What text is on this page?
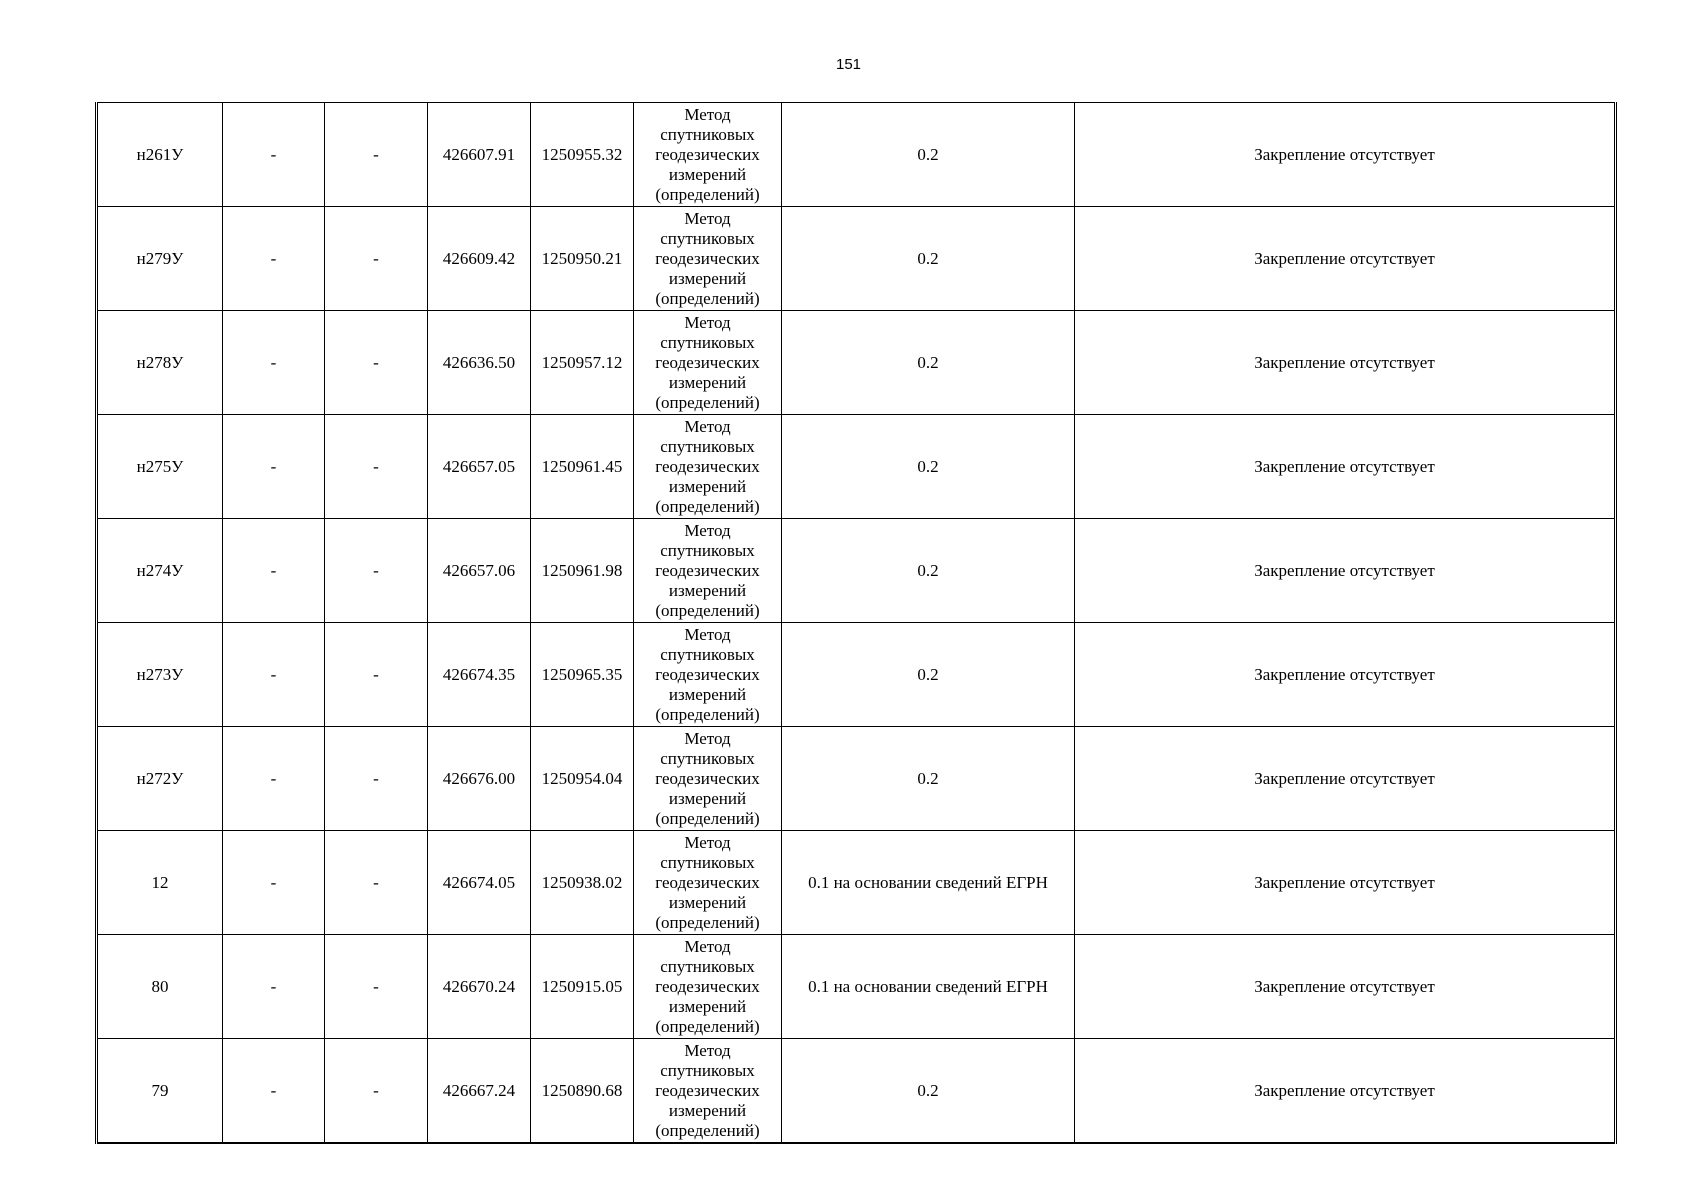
151
н261У	-	-	426607.91	1250955.32	Метод
спутниковых
геодезических
измерений
(определений)	0.2	Закрепление отсутствует
н279У	-	-	426609.42	1250950.21	Метод
спутниковых
геодезических
измерений
(определений)	0.2	Закрепление отсутствует
н278У	-	-	426636.50	1250957.12	Метод
спутниковых
геодезических
измерений
(определений)	0.2	Закрепление отсутствует
н275У	-	-	426657.05	1250961.45	Метод
спутниковых
геодезических
измерений
(определений)	0.2	Закрепление отсутствует
н274У	-	-	426657.06	1250961.98	Метод
спутниковых
геодезических
измерений
(определений)	0.2	Закрепление отсутствует
н273У	-	-	426674.35	1250965.35	Метод
спутниковых
геодезических
измерений
(определений)	0.2	Закрепление отсутствует
н272У	-	-	426676.00	1250954.04	Метод
спутниковых
геодезических
измерений
(определений)	0.2	Закрепление отсутствует
12	-	-	426674.05	1250938.02	Метод
спутниковых
геодезических
измерений
(определений)	0.1 на основании сведений ЕГРН	Закрепление отсутствует
80	-	-	426670.24	1250915.05	Метод
спутниковых
геодезических
измерений
(определений)	0.1 на основании сведений ЕГРН	Закрепление отсутствует
79	-	-	426667.24	1250890.68	Метод
спутниковых
геодезических
измерений
(определений)	0.2	Закрепление отсутствует
